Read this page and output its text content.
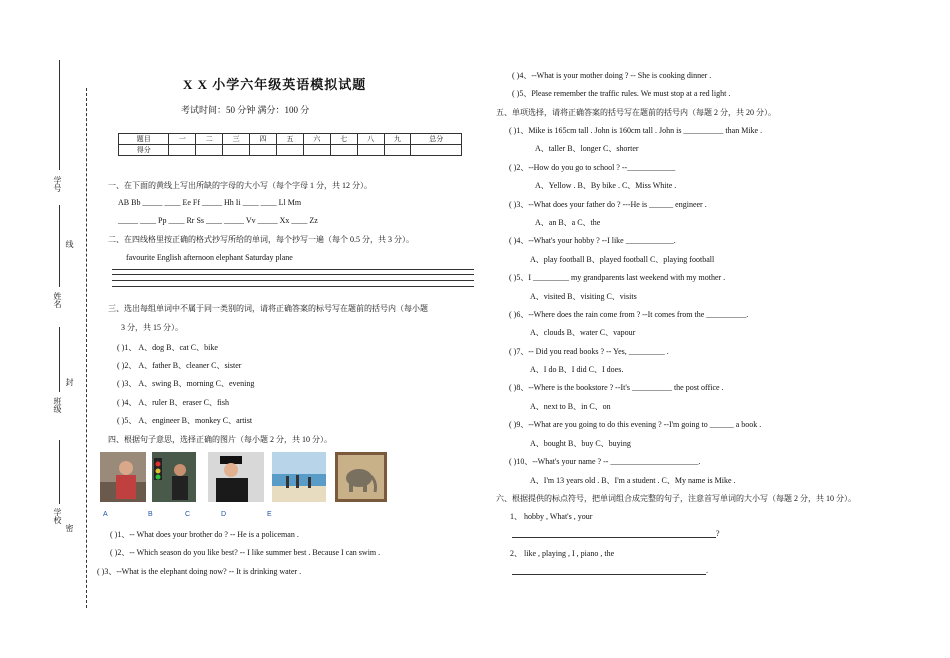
学号
线
姓名
封
班级
学校
密
X X 小学六年级英语模拟试题
考试时间：50 分钟 满分：100 分
题目	一	二	三	四	五	六	七	八	九	总分
得分										
一、在下面的黄线上写出所缺的字母的大小写（每个字母 1 分，共 12 分）。
AB Bb _____ ____ Ee Ff _____ Hh Ii ____ ____ Ll Mm
_____ ____ Pp ____ Rr Ss ____ _____ Vv _____ Xx ____ Zz
二、在四线格里按正确的格式抄写所给的单词，每个抄写一遍（每个 0.5 分，共 3 分）。
favourite English afternoon elephant Saturday plane
三、选出每组单词中不属于同一类别的词，请将正确答案的标号写在题前的括号内（每小题
3 分，共 15 分）。
( )1、 A、dog B、cat C、bike
( )2、 A、father B、cleaner C、sister
( )3、 A、swing B、morning C、evening
( )4、 A、ruler B、eraser C、fish
( )5、 A、engineer B、monkey C、artist
四、根据句子意思，选择正确的图片（每小题 2 分，共 10 分）。
A	B	C	D	E
( )1、-- What does your brother do ? -- He is a policeman .
( )2、-- Which season do you like best? -- I like summer best . Because I can swim .
( )3、--What is the elephant doing now? -- It is drinking water .
( )4、--What is your mother doing ? -- She is cooking dinner .
( )5、Please remember the traffic rules. We must stop at a red light .
五、单项选择，请将正确答案的括号写在题前的括号内（每题 2 分，共 20 分）。
( )1、Mike is 165cm tall . John is 160cm tall . John is __________ than Mike .
A、taller B、longer C、shorter
( )2、--How do you go to school ? --____________
A、Yellow . B、By bike . C、Miss White .
( )3、--What does your father do ? ---He is ______ engineer .
A、an B、a C、the
( )4、--What's your hobby ? --I like ____________.
A、play football B、played football C、playing football
( )5、I _________ my grandparents last weekend with my mother .
A、visited B、visiting C、visits
( )6、--Where does the rain come from ? --It comes from the __________.
A、clouds B、water C、vapour
( )7、-- Did you read books ? -- Yes, _________ .
A、I do B、I did C、I does.
( )8、--Where is the bookstore ? --It's __________ the post office .
A、next to B、in C、on
( )9、--What are you going to do this evening ? --I'm going to ______ a book .
A、bought B、buy C、buying
( )10、--What's your name ? -- ______________________.
A、I'm 13 years old . B、I'm a student . C、My name is Mike .
六、根据提供的标点符号，把单词组合成完整的句子，注意首写单词的大小写（每题 2 分，共 10 分）。
1、 hobby , What's , your
?
2、 like , playing , I , piano , the
.
